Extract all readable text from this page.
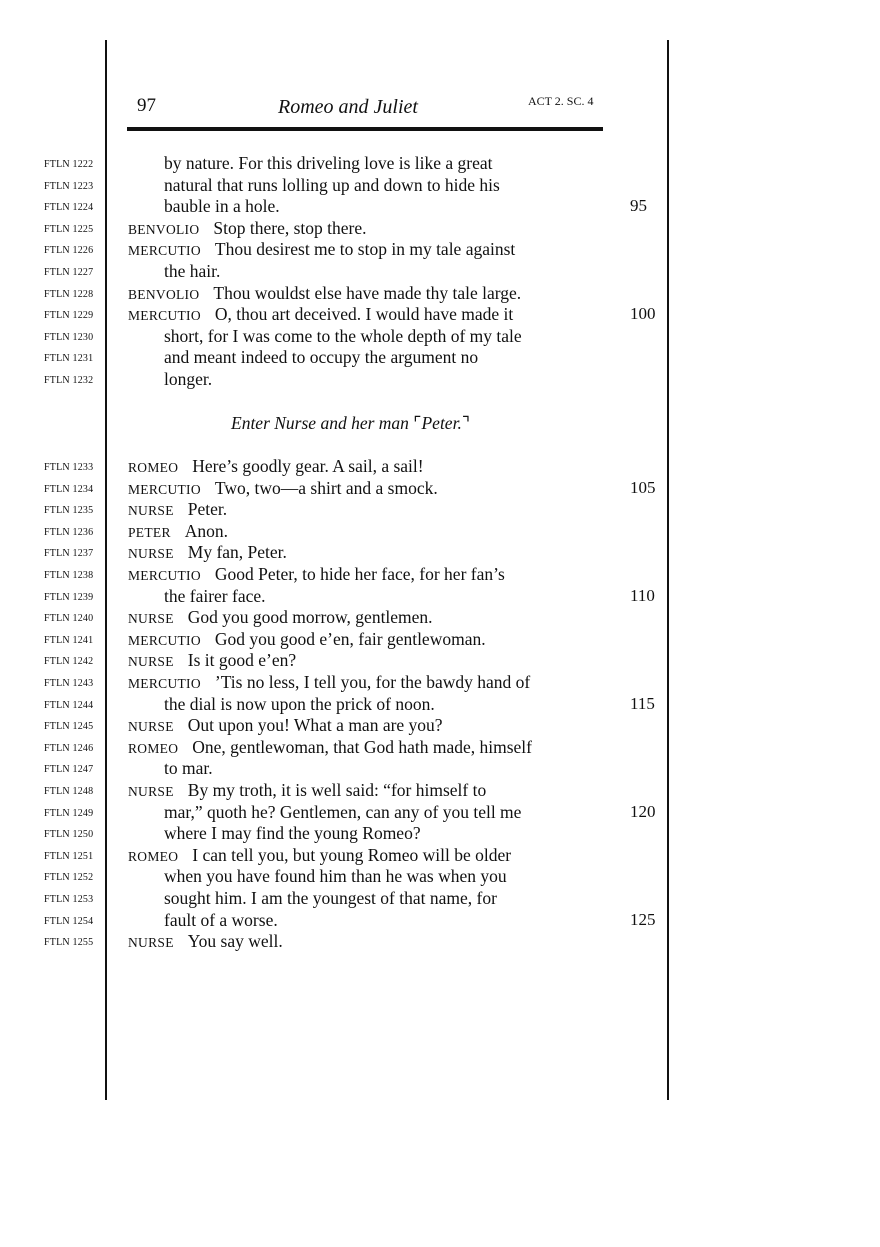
97	Romeo and Juliet	ACT 2. SC. 4
FTLN 1222	by nature. For this driveling love is like a great
FTLN 1223	natural that runs lolling up and down to hide his
FTLN 1224	bauble in a hole.	95
FTLN 1225	BENVOLIO Stop there, stop there.
FTLN 1226	MERCUTIO Thou desirest me to stop in my tale against
FTLN 1227	the hair.
FTLN 1228	BENVOLIO Thou wouldst else have made thy tale large.
FTLN 1229	MERCUTIO O, thou art deceived. I would have made it	100
FTLN 1230	short, for I was come to the whole depth of my tale
FTLN 1231	and meant indeed to occupy the argument no
FTLN 1232	longer.
Enter Nurse and her man ⌜Peter.⌝
FTLN 1233	ROMEO Here’s goodly gear. A sail, a sail!
FTLN 1234	MERCUTIO Two, two—a shirt and a smock.	105
FTLN 1235	NURSE Peter.
FTLN 1236	PETER Anon.
FTLN 1237	NURSE My fan, Peter.
FTLN 1238	MERCUTIO Good Peter, to hide her face, for her fan’s
FTLN 1239	the fairer face.	110
FTLN 1240	NURSE God you good morrow, gentlemen.
FTLN 1241	MERCUTIO God you good e’en, fair gentlewoman.
FTLN 1242	NURSE Is it good e’en?
FTLN 1243	MERCUTIO ’Tis no less, I tell you, for the bawdy hand of
FTLN 1244	the dial is now upon the prick of noon.	115
FTLN 1245	NURSE Out upon you! What a man are you?
FTLN 1246	ROMEO One, gentlewoman, that God hath made, himself
FTLN 1247	to mar.
FTLN 1248	NURSE By my troth, it is well said: “for himself to
FTLN 1249	mar,” quoth he? Gentlemen, can any of you tell me	120
FTLN 1250	where I may find the young Romeo?
FTLN 1251	ROMEO I can tell you, but young Romeo will be older
FTLN 1252	when you have found him than he was when you
FTLN 1253	sought him. I am the youngest of that name, for
FTLN 1254	fault of a worse.	125
FTLN 1255	NURSE You say well.
